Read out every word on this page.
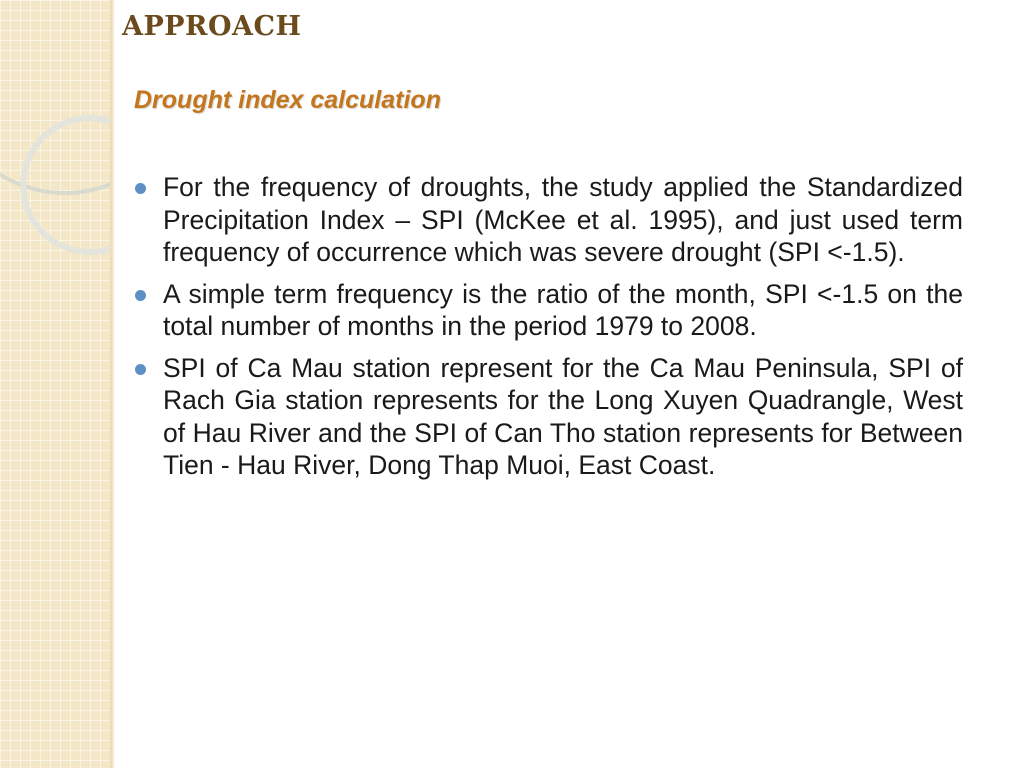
APPROACH
Drought index calculation
For the frequency of droughts, the study applied the Standardized Precipitation Index – SPI (McKee et al. 1995), and just used term frequency of occurrence which was severe drought (SPI <-1.5).
A simple term frequency is the ratio of the month, SPI <-1.5 on the total number of months in the period 1979 to 2008.
SPI of Ca Mau station represent for the Ca Mau Peninsula, SPI of Rach Gia station represents for the Long Xuyen Quadrangle, West of Hau River and the SPI of Can Tho station represents for Between Tien - Hau River, Dong Thap Muoi, East Coast.
